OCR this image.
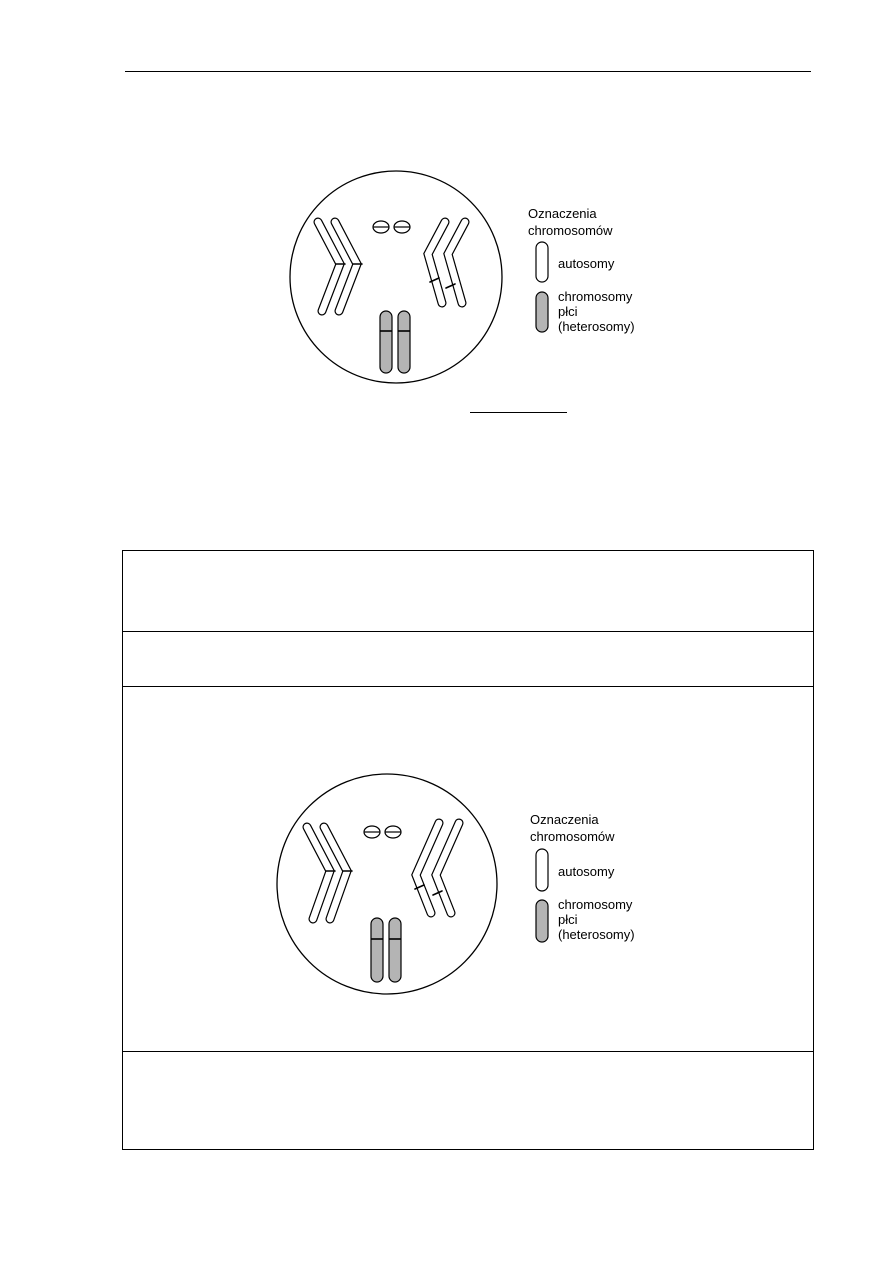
Oznaczenia
chromosomów
autosomy
chromosomy
płci
(heterosomy)
Oznaczenia
chromosomów
autosomy
chromosomy
płci
(heterosomy)
